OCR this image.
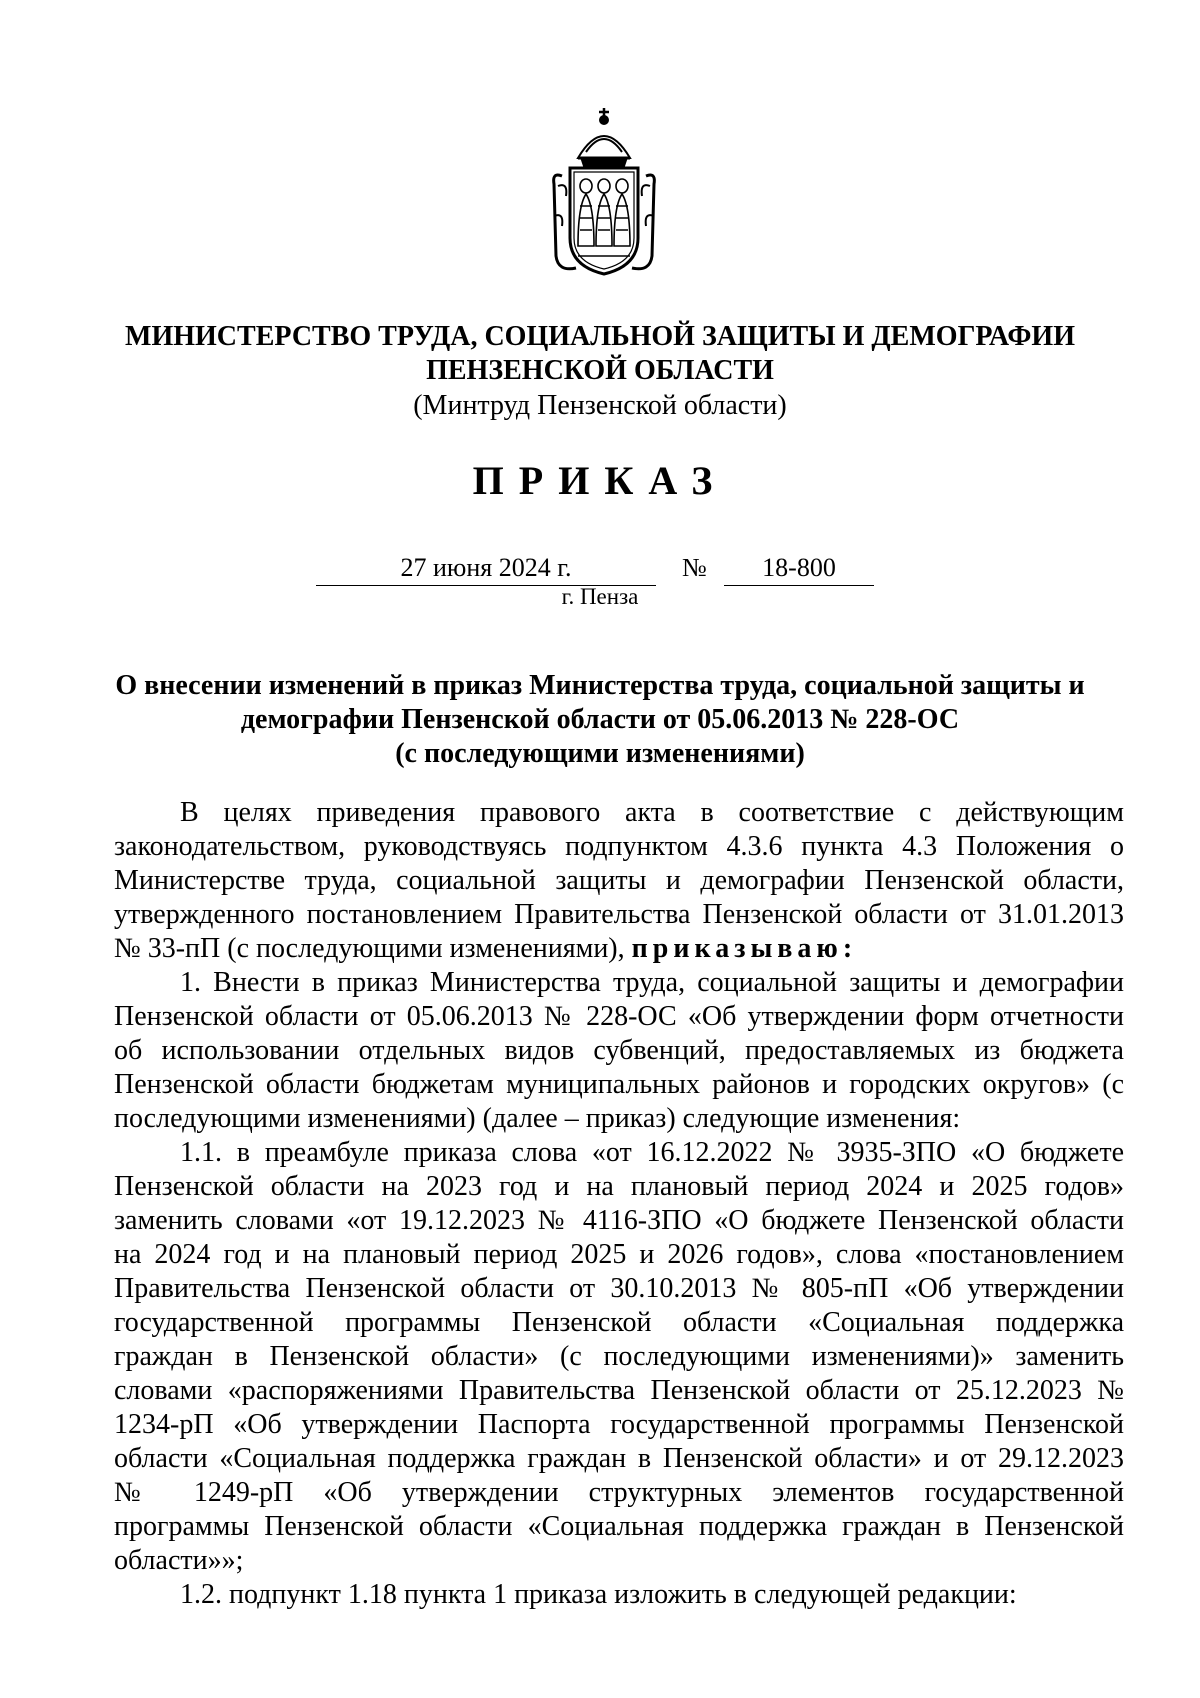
МИНИСТЕРСТВО ТРУДА, СОЦИАЛЬНОЙ ЗАЩИТЫ И ДЕМОГРАФИИ
ПЕНЗЕНСКОЙ ОБЛАСТИ
(Минтруд Пензенской области)
ПРИКАЗ
27 июня 2024 г.	№	18-800
г. Пенза
О внесении изменений в приказ Министерства труда, социальной защиты и
демографии Пензенской области от 05.06.2013 № 228-ОС
(с последующими изменениями)
В целях приведения правового акта в соответствие с действующим
законодательством, руководствуясь подпунктом 4.3.6 пункта 4.3 Положения о
Министерстве труда, социальной защиты и демографии Пензенской области,
утвержденного постановлением Правительства Пензенской области от 31.01.2013
№ 33-пП (с последующими изменениями), приказываю:
1. Внести в приказ Министерства труда, социальной защиты и демографии
Пензенской области от 05.06.2013 № 228-ОС «Об утверждении форм отчетности
об использовании отдельных видов субвенций, предоставляемых из бюджета
Пензенской области бюджетам муниципальных районов и городских округов» (с
последующими изменениями) (далее – приказ) следующие изменения:
1.1. в преамбуле приказа слова «от 16.12.2022 № 3935-ЗПО «О бюджете
Пензенской области на 2023 год и на плановый период 2024 и 2025 годов»
заменить словами «от 19.12.2023 № 4116-ЗПО «О бюджете Пензенской области
на 2024 год и на плановый период 2025 и 2026 годов», слова «постановлением
Правительства Пензенской области от 30.10.2013 № 805-пП «Об утверждении
государственной программы Пензенской области «Социальная поддержка
граждан в Пензенской области» (с последующими изменениями)» заменить
словами «распоряжениями Правительства Пензенской области от 25.12.2023 №
1234-рП «Об утверждении Паспорта государственной программы Пензенской
области «Социальная поддержка граждан в Пензенской области» и от 29.12.2023
№ 1249-рП «Об утверждении структурных элементов государственной
программы Пензенской области «Социальная поддержка граждан в Пензенской
области»»;
1.2. подпункт 1.18 пункта 1 приказа изложить в следующей редакции:
